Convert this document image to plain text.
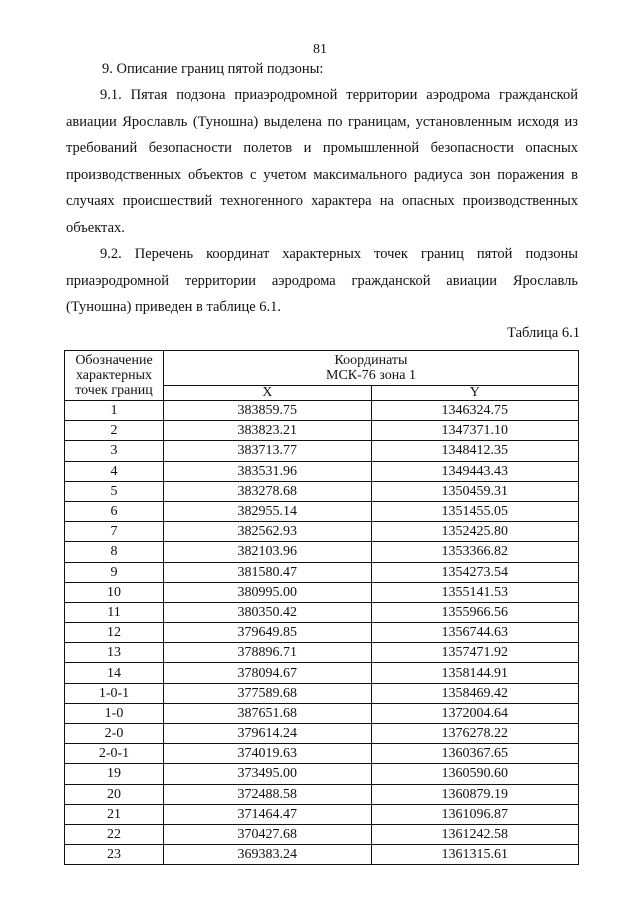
81
9. Описание границ пятой подзоны:

9.1. Пятая подзона приаэродромной территории аэродрома гражданской авиации Ярославль (Туношна) выделена по границам, установленным исходя из требований безопасности полетов и промышленной безопасности опасных производственных объектов с учетом максимального радиуса зон поражения в случаях происшествий техногенного характера на опасных производственных объектах.

9.2. Перечень координат характерных точек границ пятой подзоны приаэродромной территории аэродрома гражданской авиации Ярославль (Туношна) приведен в таблице 6.1.

Таблица 6.1
Обозначение характерных точек границ	Координаты
МСК-76 зона 1	

	X	Y
1	383859.75	1346324.75
2	383823.21	1347371.10
3	383713.77	1348412.35
4	383531.96	1349443.43
5	383278.68	1350459.31
6	382955.14	1351455.05
7	382562.93	1352425.80
8	382103.96	1353366.82
9	381580.47	1354273.54
10	380995.00	1355141.53
11	380350.42	1355966.56
12	379649.85	1356744.63
13	378896.71	1357471.92
14	378094.67	1358144.91
1-0-1	377589.68	1358469.42
1-0	387651.68	1372004.64
2-0	379614.24	1376278.22
2-0-1	374019.63	1360367.65
19	373495.00	1360590.60
20	372488.58	1360879.19
21	371464.47	1361096.87
22	370427.68	1361242.58
23	369383.24	1361315.61
